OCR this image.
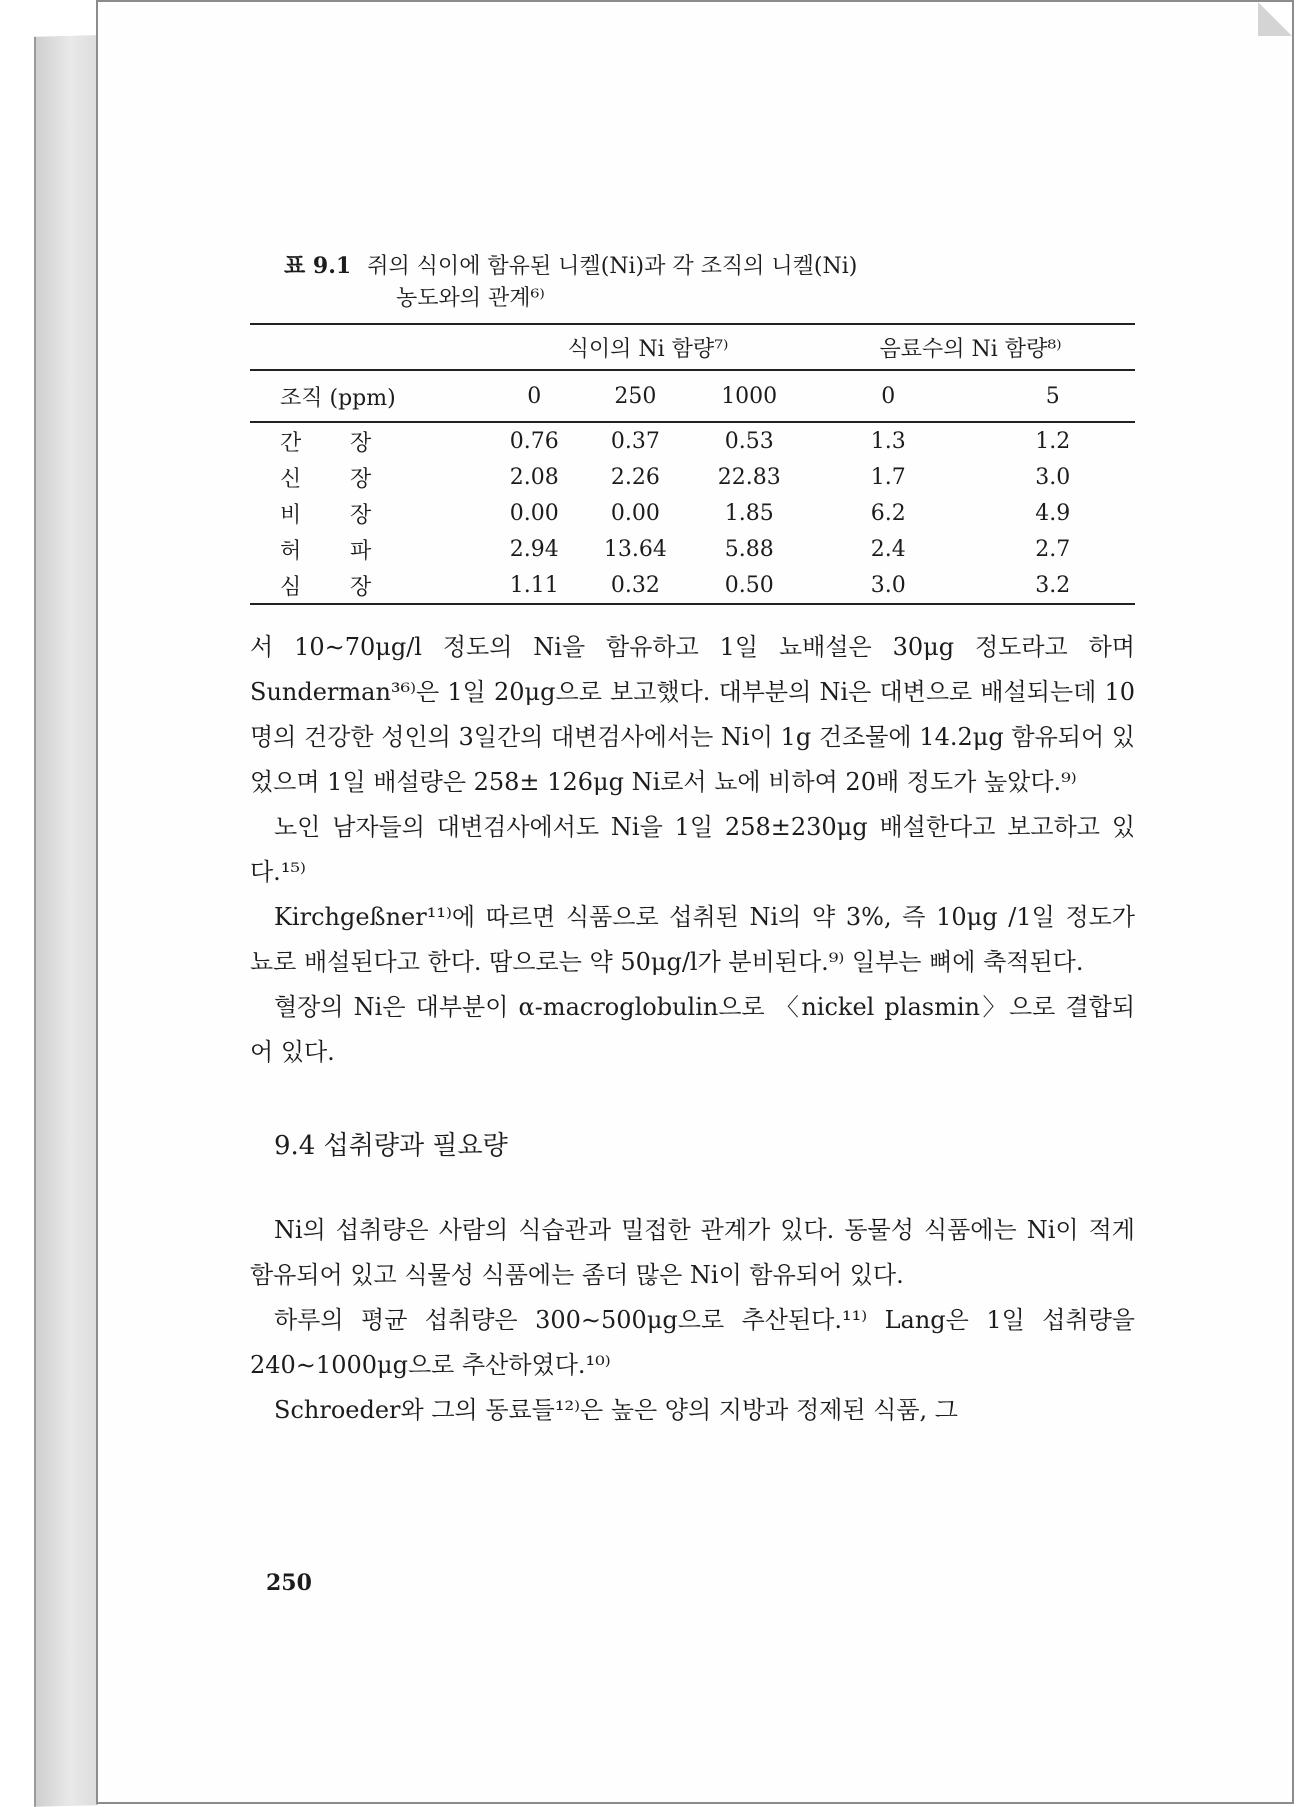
표 9.1 쥐의 식이에 함유된 니켈(Ni)과 각 조직의 니켈(Ni)
농도와의 관계⁶⁾
		식이의 Ni 함량⁷⁾			음료수의 Ni 함량⁸⁾	
조직 (ppm)		0	250	1000	0	5
간	장	0.76	0.37	0.53	1.3	1.2
신	장	2.08	2.26	22.83	1.7	3.0
비	장	0.00	0.00	1.85	6.2	4.9
허	파	2.94	13.64	5.88	2.4	2.7
심	장	1.11	0.32	0.50	3.0	3.2

서 10∼70μg/l 정도의 Ni을 함유하고 1일 뇨배설은 30μg 정도라고 하며 Sunderman³⁶⁾은 1일 20μg으로 보고했다. 대부분의 Ni은 대변으로 배설되는데 10명의 건강한 성인의 3일간의 대변검사에서는 Ni이 1g 건조물에 14.2μg 함유되어 있었으며 1일 배설량은 258± 126μg Ni로서 뇨에 비하여 20배 정도가 높았다.⁹⁾

노인 남자들의 대변검사에서도 Ni을 1일 258±230μg 배설한다고 보고하고 있다.¹⁵⁾

Kirchgeßner¹¹⁾에 따르면 식품으로 섭취된 Ni의 약 3%, 즉 10μg /1일 정도가 뇨로 배설된다고 한다. 땀으로는 약 50μg/l가 분비된다.⁹⁾ 일부는 뼈에 축적된다.

혈장의 Ni은 대부분이 α-macroglobulin으로 〈nickel plasmin〉으로 결합되어 있다.

9.4 섭취량과 필요량

Ni의 섭취량은 사람의 식습관과 밀접한 관계가 있다. 동물성 식품에는 Ni이 적게 함유되어 있고 식물성 식품에는 좀더 많은 Ni이 함유되어 있다.

하루의 평균 섭취량은 300∼500μg으로 추산된다.¹¹⁾ Lang은 1일 섭취량을 240∼1000μg으로 추산하였다.¹⁰⁾

Schroeder와 그의 동료들¹²⁾은 높은 양의 지방과 정제된 식품, 그

250
